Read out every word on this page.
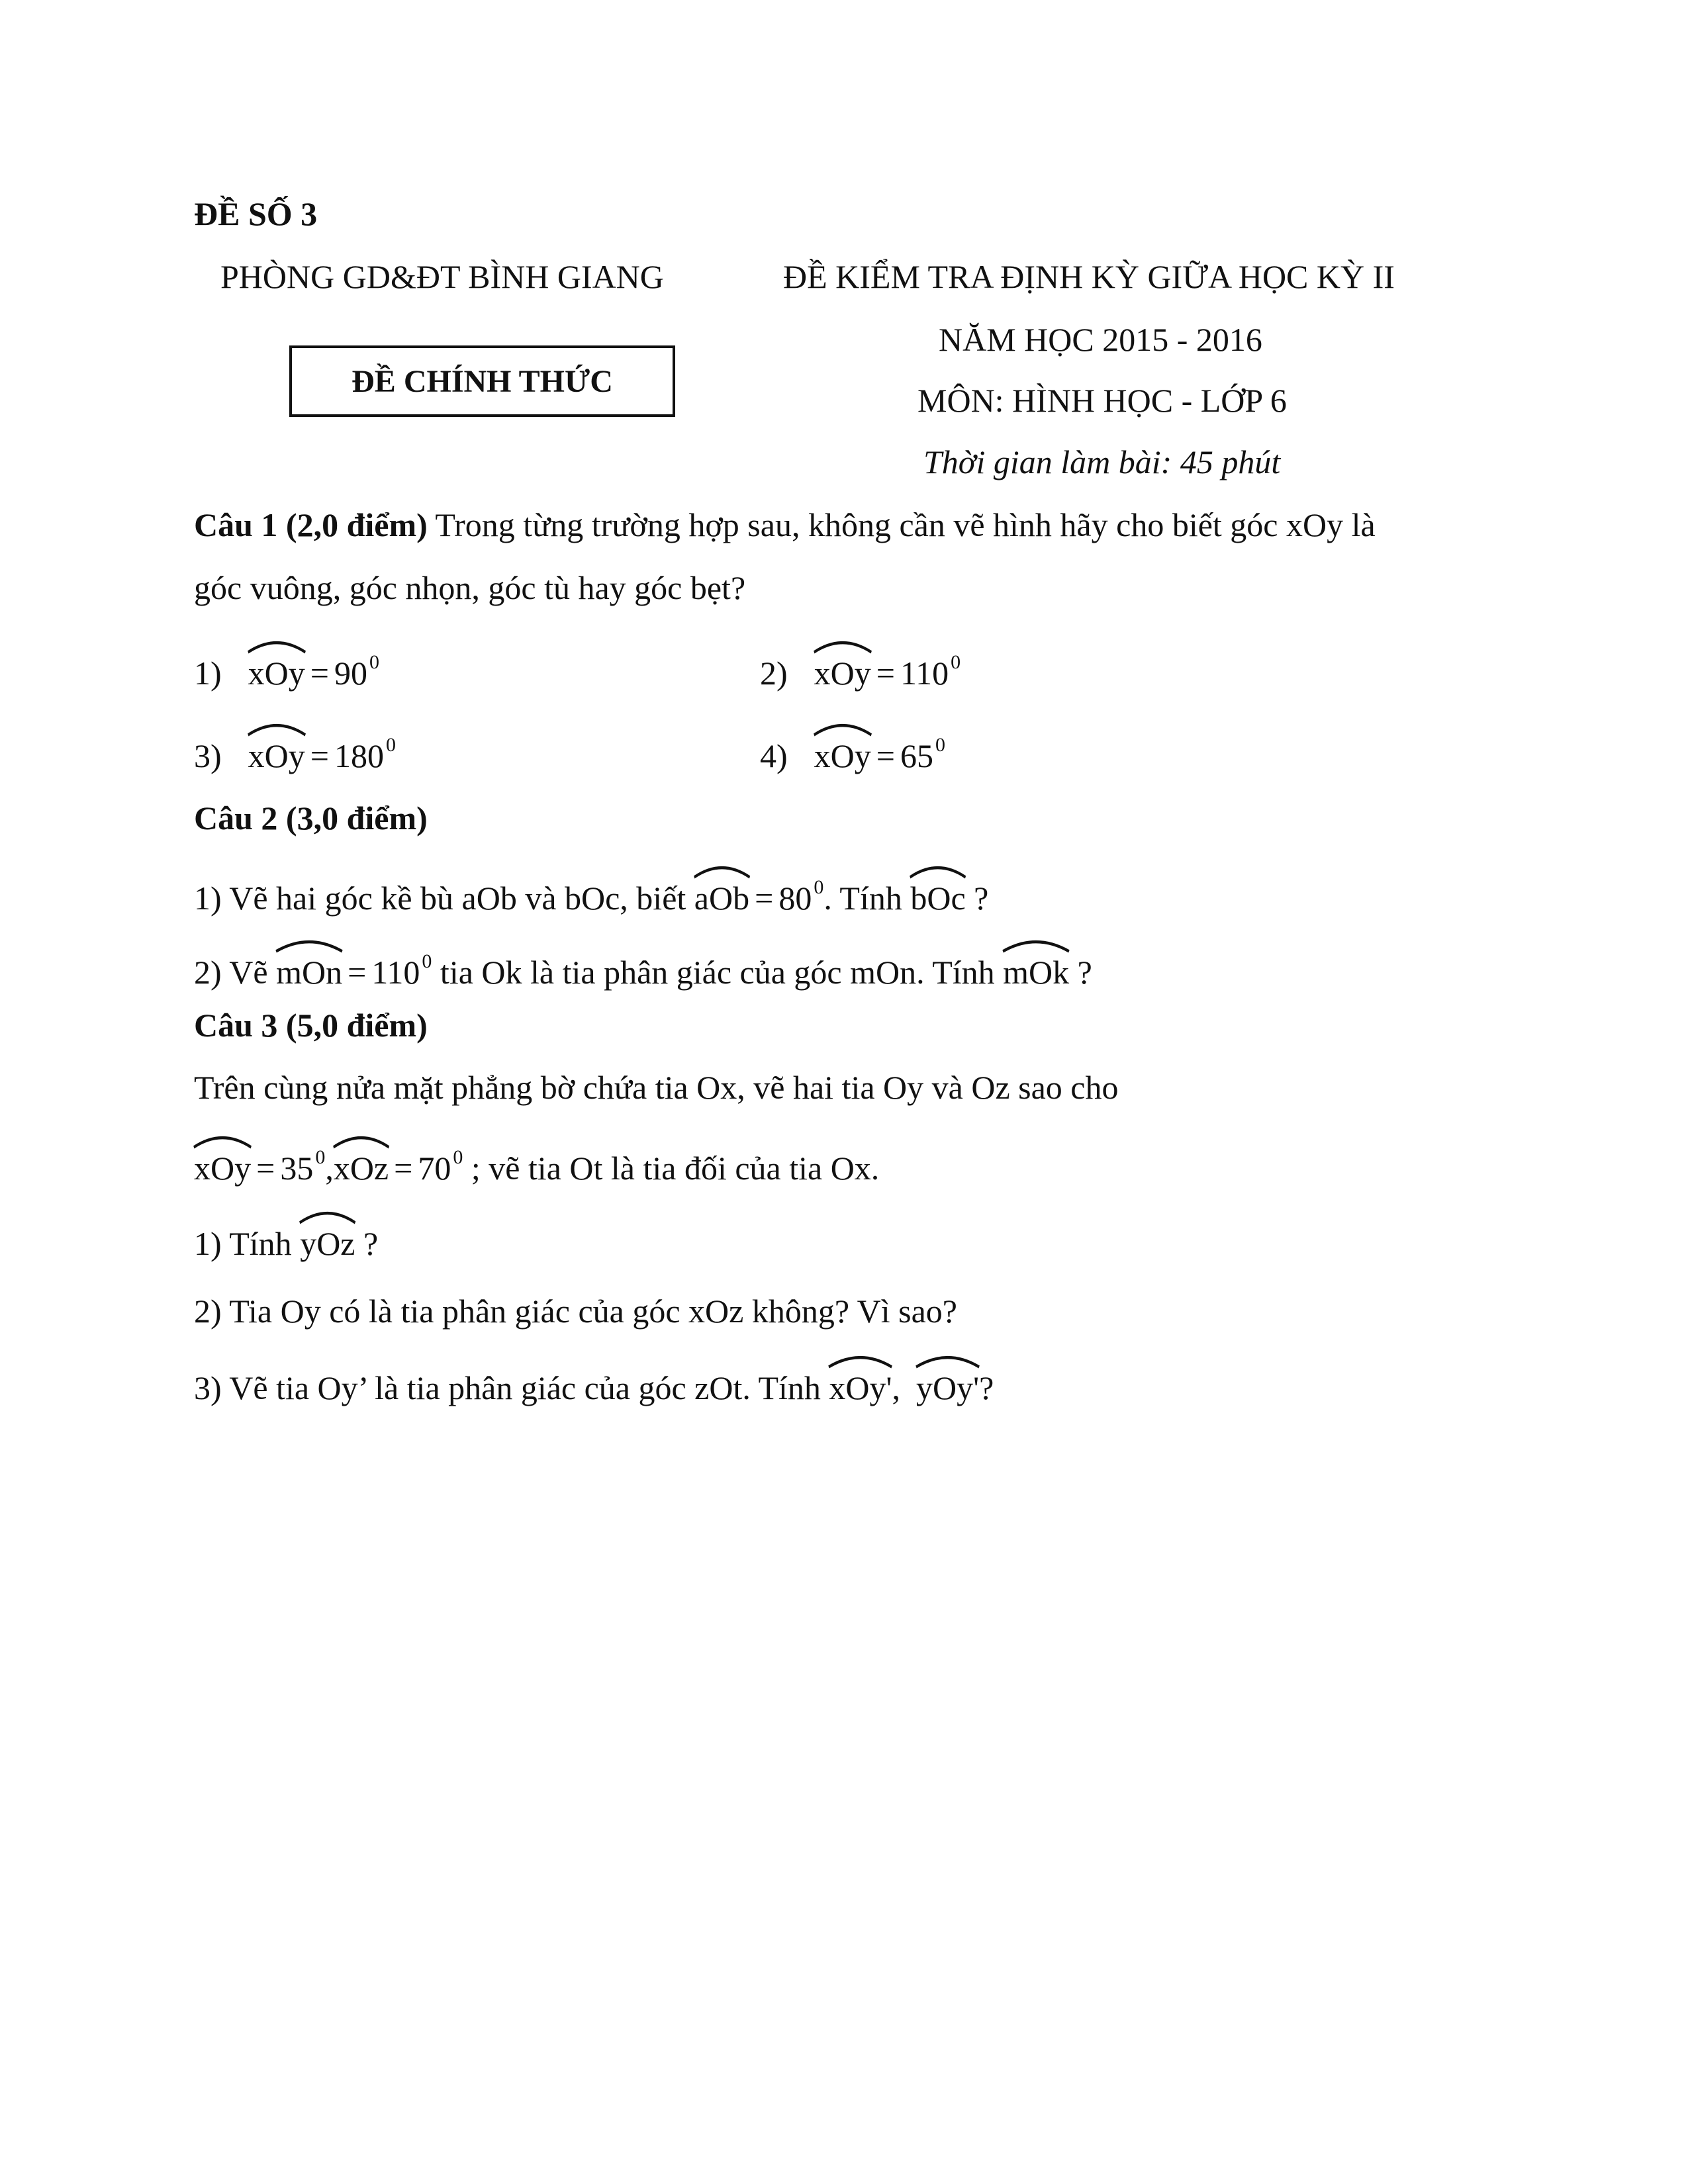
ĐỀ SỐ 3
PHÒNG GD&ĐT BÌNH GIANG	ĐỀ KIỂM TRA ĐỊNH KỲ GIỮA HỌC KỲ II
ĐỀ CHÍNH THỨC
NĂM HỌC 2015 - 2016
MÔN: HÌNH HỌC - LỚP 6
Thời gian làm bài: 45 phút
Câu 1 (2,0 điểm) Trong từng trường hợp sau, không cần vẽ hình hãy cho biết góc xOy là
góc vuông, góc nhọn, góc tù hay góc bẹt?
1) xOy = 90 $^0$	2) xOy = 110 $^0$
3) xOy = 180 $^0$	4) xOy = 65 $^0$
Câu 2 (3,0 điểm)
1) Vẽ hai góc kề bù aOb và bOc, biết aOb = 80 $^0$. Tính bOc
?
2) Vẽ mOn = 110 $^0$ tia Ok là tia phân giác của góc mOn. Tính mOk
?
Câu 3 (5,0 điểm)
Trên cùng nửa mặt phẳng bờ chứa tia Ox, vẽ hai tia Oy và Oz sao cho
xOy = 35 $^0$,xOz = 70 $^0$ ; vẽ tia Ot là tia đối của tia Ox.
1) Tính yOz
?
2) Tia Oy có là tia phân giác của góc xOz không? Vì sao?
3) Vẽ tia Oy’ là tia phân giác của góc zOt. Tính xOy'
, yOy'
?
